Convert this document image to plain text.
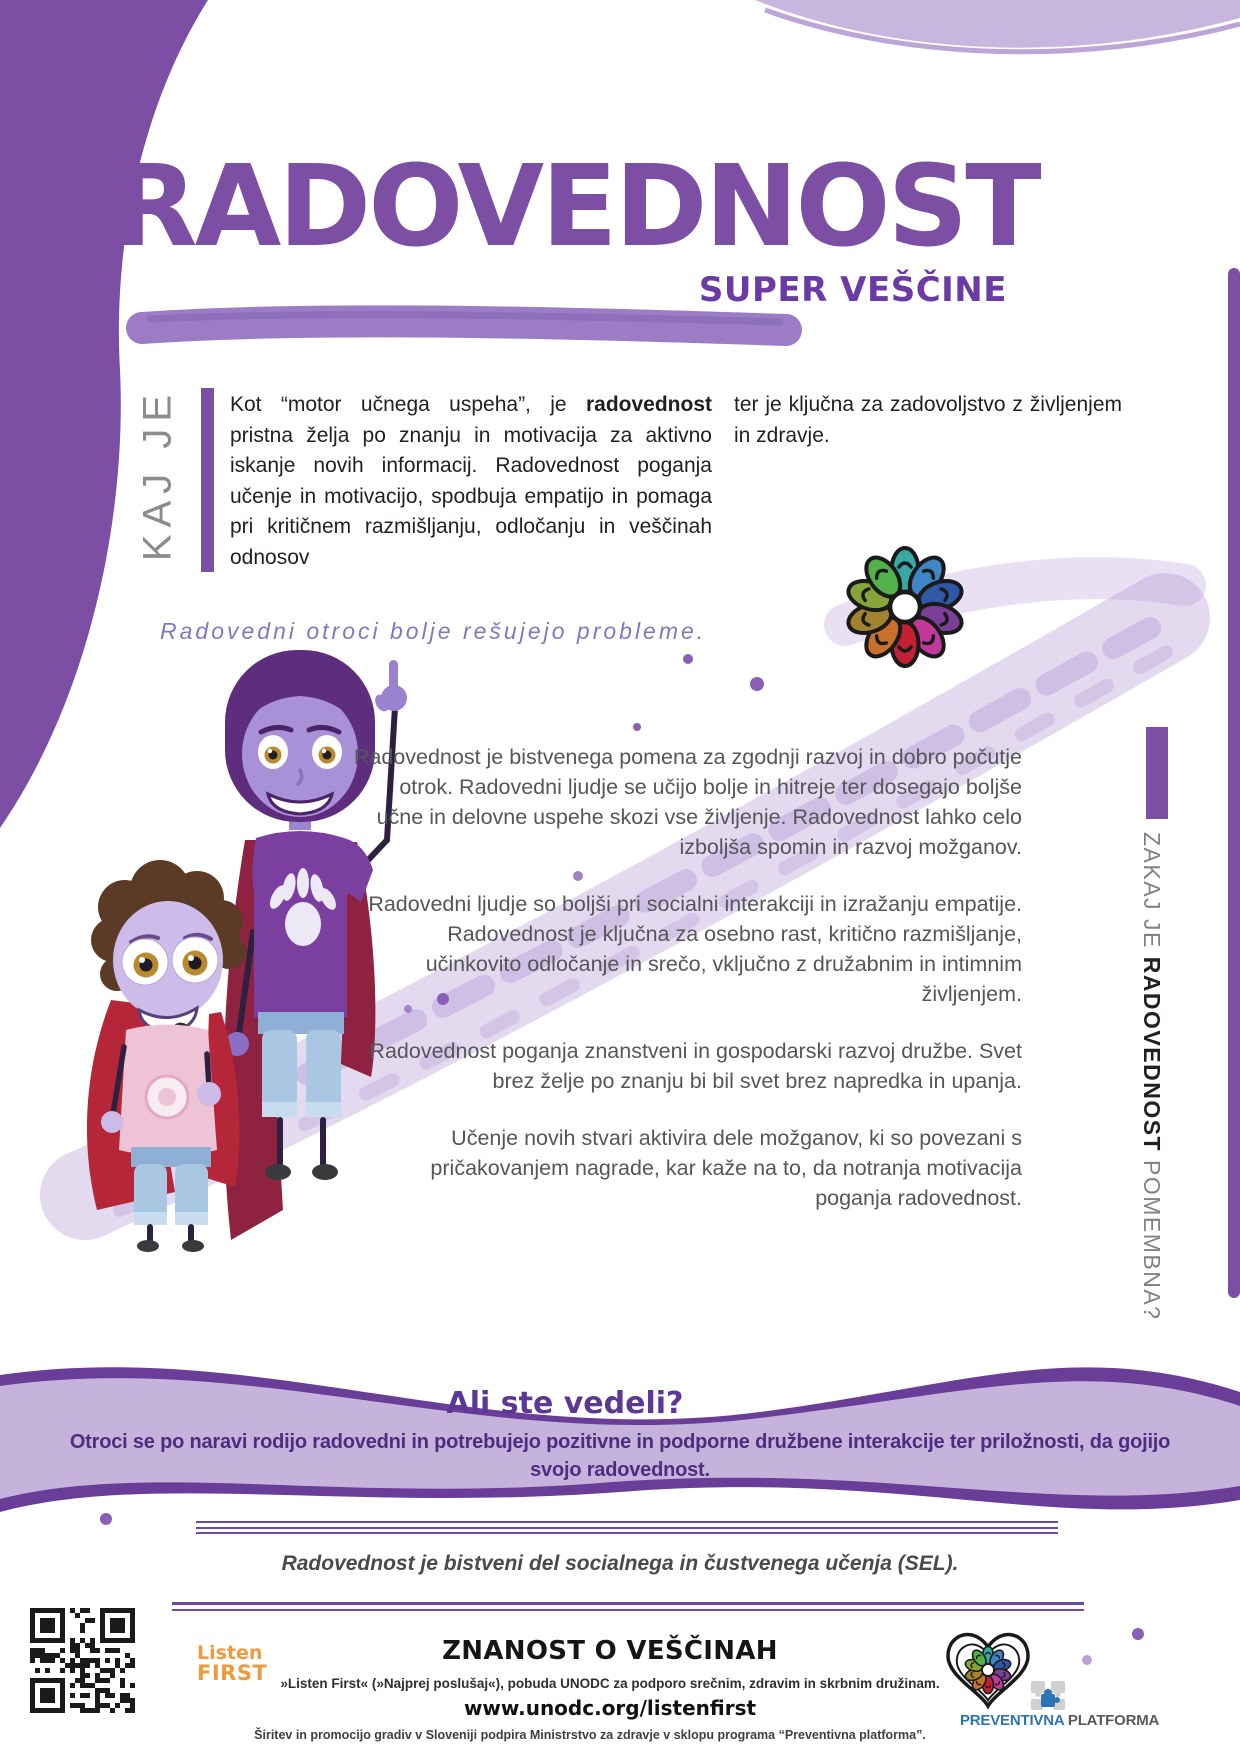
RADOVEDNOST
SUPER VEŠČINE
KAJ JE Kot “motor učnega uspeha”, je radovednost pristna želja po znanju in motivacija za aktivno iskanje novih informacij. Radovednost poganja učenje in motivacijo, spodbuja empatijo in pomaga pri kritičnem razmišljanju, odločanju in veščinah odnosov
ter je ključna za zadovoljstvo z življenjem in zdravje.
Radovedni otroci bolje rešujejo probleme.

Radovednost je bistvenega pomena za zgodnji razvoj in dobro počutje otrok. Radovedni ljudje se učijo bolje in hitreje ter dosegajo boljše učne in delovne uspehe skozi vse življenje. Radovednost lahko celo izboljša spomin in razvoj možganov.

Radovedni ljudje so boljši pri socialni interakciji in izražanju empatije. Radovednost je ključna za osebno rast, kritično razmišljanje, učinkovito odločanje in srečo, vključno z družabnim in intimnim življenjem.

Radovednost poganja znanstveni in gospodarski razvoj družbe. Svet brez želje po znanju bi bil svet brez napredka in upanja.

Učenje novih stvari aktivira dele možganov, ki so povezani s pričakovanjem nagrade, kar kaže na to, da notranja motivacija poganja radovednost.

ZAKAJ JE RADOVEDNOST POMEMBNA?
Ali ste vedeli?
Otroci se po naravi rodijo radovedni in potrebujejo pozitivne in podporne družbene interakcije ter priložnosti, da gojijo svojo radovednost.
Radovednost je bistveni del socialnega in čustvenega učenja (SEL).
Listen
FIRST
ZNANOST O VEŠČINAH
»Listen First« (»Najprej poslušaj«), pobuda UNODC za podporo srečnim, zdravim in skrbnim družinam.
www.unodc.org/listenfirst
Širitev in promocijo gradiv v Sloveniji podpira Ministrstvo za zdravje v sklopu programa “Preventivna platforma”.
PREVENTIVNA PLATFORMA
